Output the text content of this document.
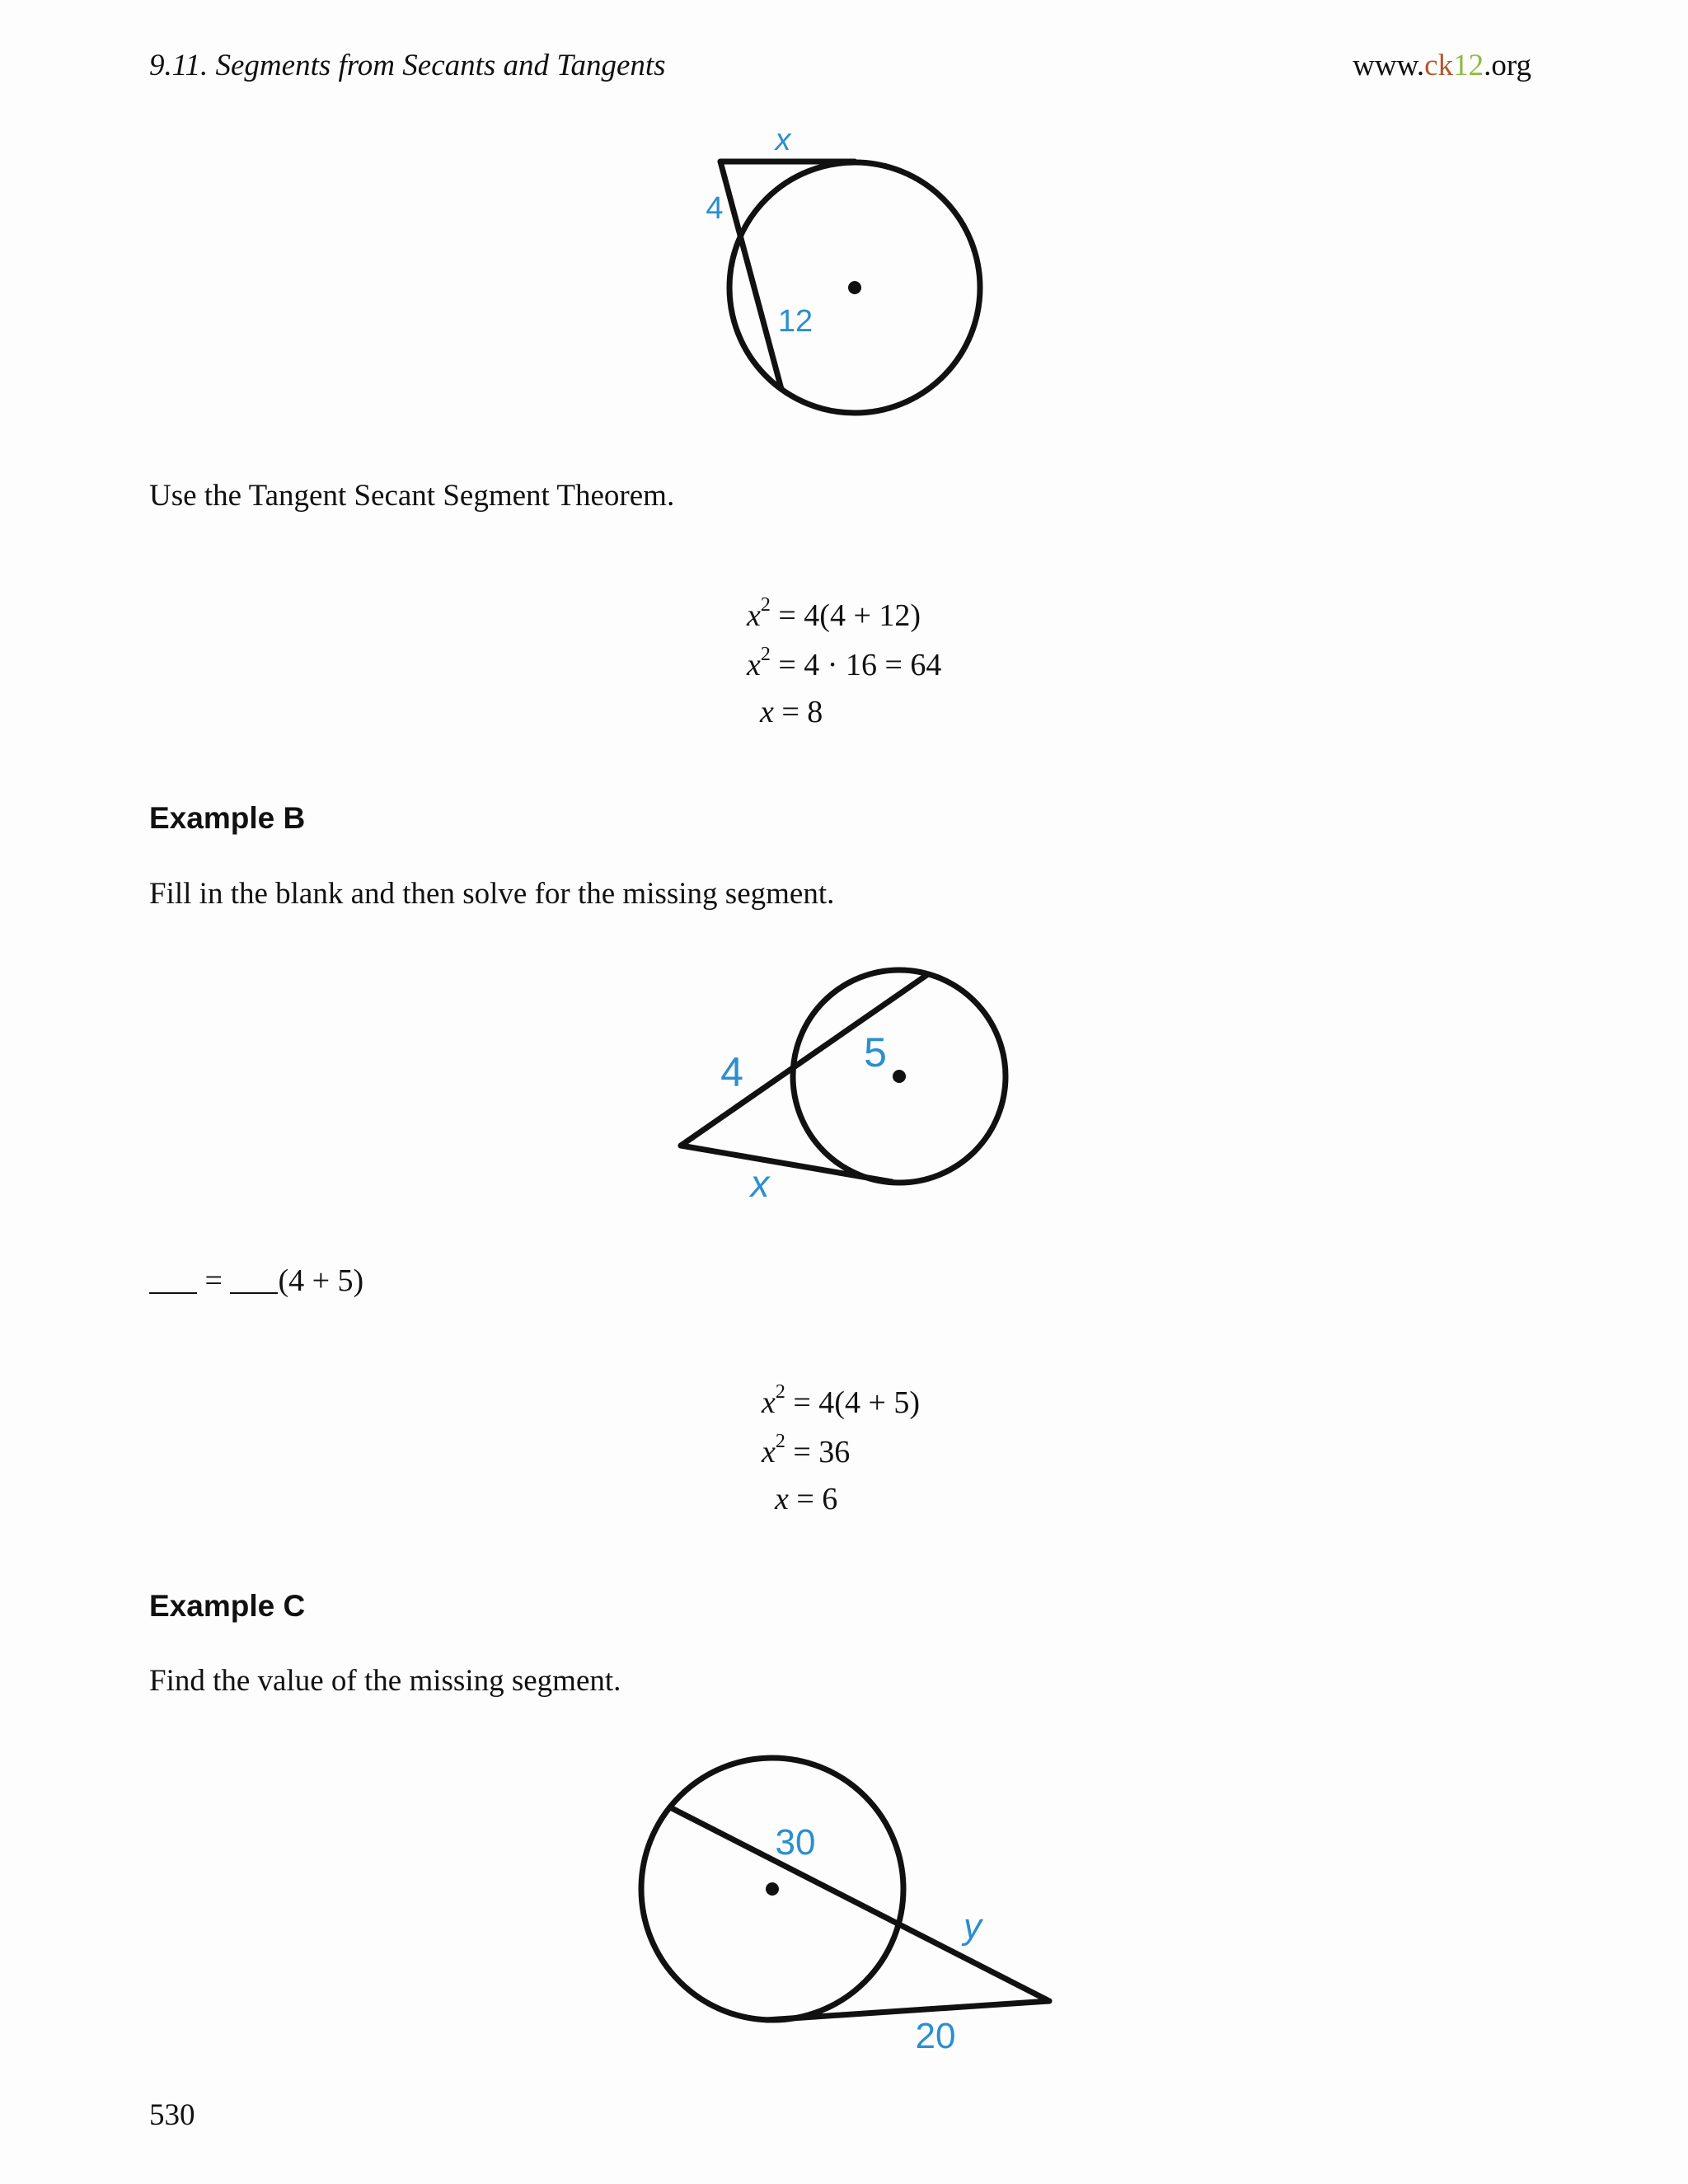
9.11. Segments from Secants and Tangents	www.ck12.org
x
4
12
Use the Tangent Secant Segment Theorem.
$x^2 = 4(4 + 12)$
$x^2 = 4 \cdot 16 = 64$
x = 8
Example B
Fill in the blank and then solve for the missing segment.
4	5
x
= (4 + 5)
$x^2 = 4(4 + 5)$
$x^2 = 36$
x = 6
Example C
Find the value of the missing segment.
30
y
20
530
